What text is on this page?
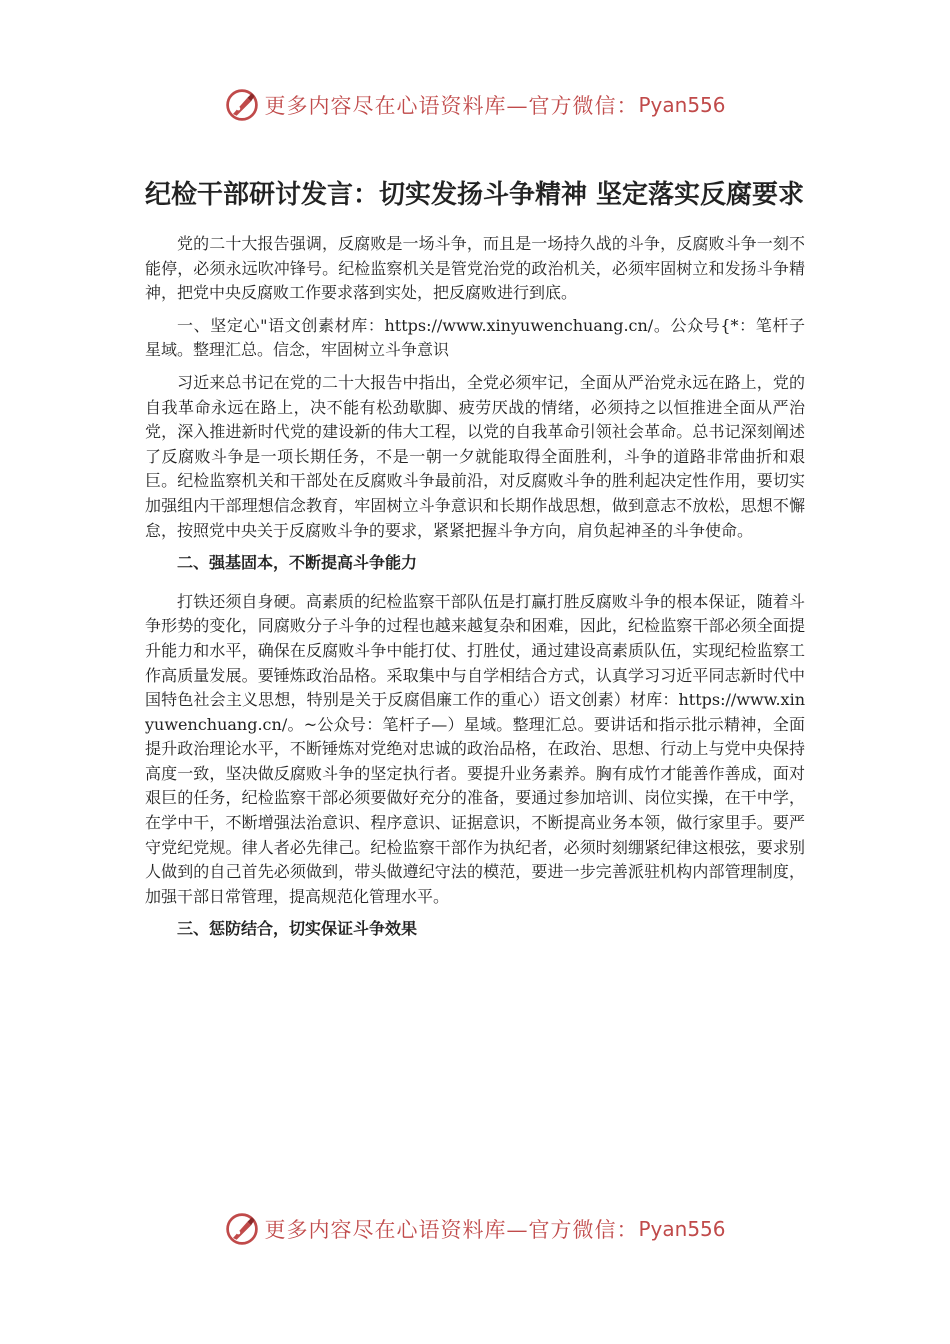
更多内容尽在心语资料库—官方微信： Pyan556
纪检干部研讨发言：切实发扬斗争精神 坚定落实反腐要求

党的二十大报告强调，反腐败是一场斗争，而且是一场持久战的斗争，反腐败斗争一刻不能停，必须永远吹冲锋号。纪检监察机关是管党治党的政治机关，必须牢固树立和发扬斗争精神，把党中央反腐败工作要求落到实处，把反腐败进行到底。

一、坚定心"语文创素材库：https://www.xinyuwenchuang.cn/。公众号{*：笔杆子星域。整理汇总。信念，牢固树立斗争意识

习近来总书记在党的二十大报告中指出，全党必须牢记，全面从严治党永远在路上，党的自我革命永远在路上，决不能有松劲歇脚、疲劳厌战的情绪，必须持之以恒推进全面从严治党，深入推进新时代党的建设新的伟大工程，以党的自我革命引领社会革命。总书记深刻阐述了反腐败斗争是一项长期任务，不是一朝一夕就能取得全面胜利，斗争的道路非常曲折和艰巨。纪检监察机关和干部处在反腐败斗争最前沿，对反腐败斗争的胜利起决定性作用，要切实加强组内干部理想信念教育，牢固树立斗争意识和长期作战思想，做到意志不放松，思想不懈怠，按照党中央关于反腐败斗争的要求，紧紧把握斗争方向，肩负起神圣的斗争使命。

二、强基固本，不断提高斗争能力

打铁还须自身硬。高素质的纪检监察干部队伍是打赢打胜反腐败斗争的根本保证，随着斗争形势的变化，同腐败分子斗争的过程也越来越复杂和困难，因此，纪检监察干部必须全面提升能力和水平，确保在反腐败斗争中能打仗、打胜仗，通过建设高素质队伍，实现纪检监察工作高质量发展。要锤炼政治品格。采取集中与自学相结合方式，认真学习习近平同志新时代中国特色社会主义思想，特别是关于反腐倡廉工作的重心）语文创素）材库：https://www.xinyuwenchuang.cn/。~公众号：笔杆子—）星域。整理汇总。要讲话和指示批示精神，全面提升政治理论水平，不断锤炼对党绝对忠诚的政治品格，在政治、思想、行动上与党中央保持高度一致，坚决做反腐败斗争的坚定执行者。要提升业务素养。胸有成竹才能善作善成，面对艰巨的任务，纪检监察干部必须要做好充分的准备，要通过参加培训、岗位实操，在干中学，在学中干，不断增强法治意识、程序意识、证据意识，不断提高业务本领，做行家里手。要严守党纪党规。律人者必先律己。纪检监察干部作为执纪者，必须时刻绷紧纪律这根弦，要求别人做到的自己首先必须做到，带头做遵纪守法的模范，要进一步完善派驻机构内部管理制度，加强干部日常管理，提高规范化管理水平。

三、惩防结合，切实保证斗争效果

更多内容尽在心语资料库—官方微信： Pyan556
